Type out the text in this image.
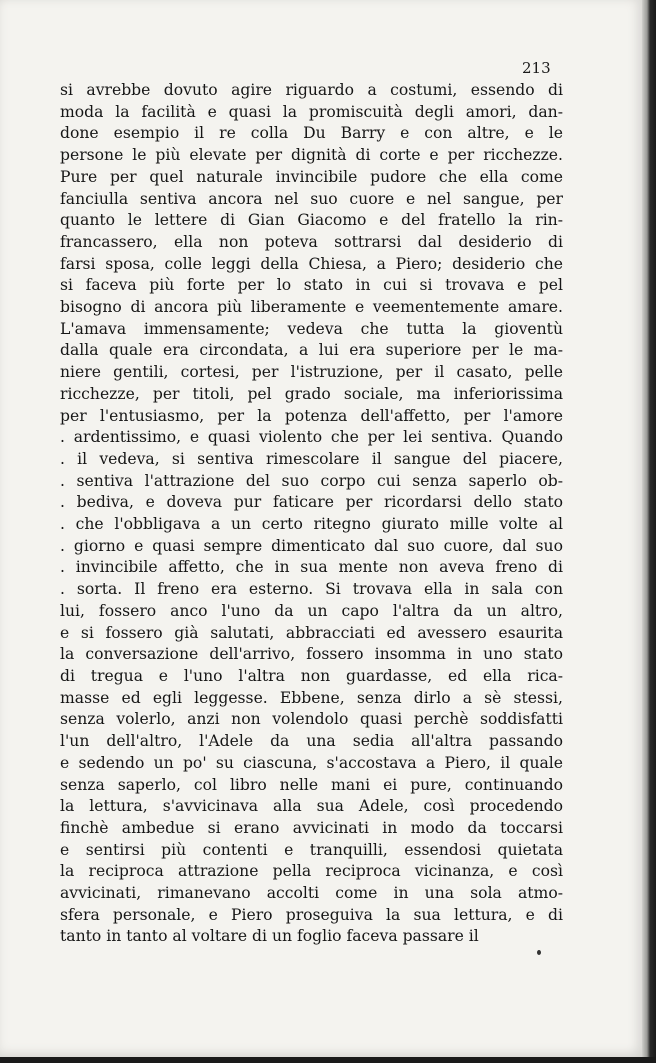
213
si avrebbe dovuto agire riguardo a costumi, essendo di
moda la facilità e quasi la promiscuità degli amori, dan-
done esempio il re colla Du Barry e con altre, e le
persone le più elevate per dignità di corte e per ricchezze.
Pure per quel naturale invincibile pudore che ella come
fanciulla sentiva ancora nel suo cuore e nel sangue, per
quanto le lettere di Gian Giacomo e del fratello la rin-
francassero, ella non poteva sottrarsi dal desiderio di
farsi sposa, colle leggi della Chiesa, a Piero; desiderio che
si faceva più forte per lo stato in cui si trovava e pel
bisogno di ancora più liberamente e veementemente amare.
L'amava immensamente; vedeva che tutta la gioventù
dalla quale era circondata, a lui era superiore per le ma-
niere gentili, cortesi, per l'istruzione, per il casato, pelle
ricchezze, per titoli, pel grado sociale, ma inferiorissima
per l'entusiasmo, per la potenza dell'affetto, per l'amore
. ardentissimo, e quasi violento che per lei sentiva. Quando
. il vedeva, si sentiva rimescolare il sangue del piacere,
. sentiva l'attrazione del suo corpo cui senza saperlo ob-
. bediva, e doveva pur faticare per ricordarsi dello stato
. che l'obbligava a un certo ritegno giurato mille volte al
. giorno e quasi sempre dimenticato dal suo cuore, dal suo
. invincibile affetto, che in sua mente non aveva freno di
. sorta. Il freno era esterno. Si trovava ella in sala con
lui, fossero anco l'uno da un capo l'altra da un altro,
e si fossero già salutati, abbracciati ed avessero esaurita
la conversazione dell'arrivo, fossero insomma in uno stato
di tregua e l'uno l'altra non guardasse, ed ella rica-
masse ed egli leggesse. Ebbene, senza dirlo a sè stessi,
senza volerlo, anzi non volendolo quasi perchè soddisfatti
l'un dell'altro, l'Adele da una sedia all'altra passando
e sedendo un po' su ciascuna, s'accostava a Piero, il quale
senza saperlo, col libro nelle mani ei pure, continuando
la lettura, s'avvicinava alla sua Adele, così procedendo
finchè ambedue si erano avvicinati in modo da toccarsi
e sentirsi più contenti e tranquilli, essendosi quietata
la reciproca attrazione pella reciproca vicinanza, e così
avvicinati, rimanevano accolti come in una sola atmo-
sfera personale, e Piero proseguiva la sua lettura, e di
tanto in tanto al voltare di un foglio faceva passare il
